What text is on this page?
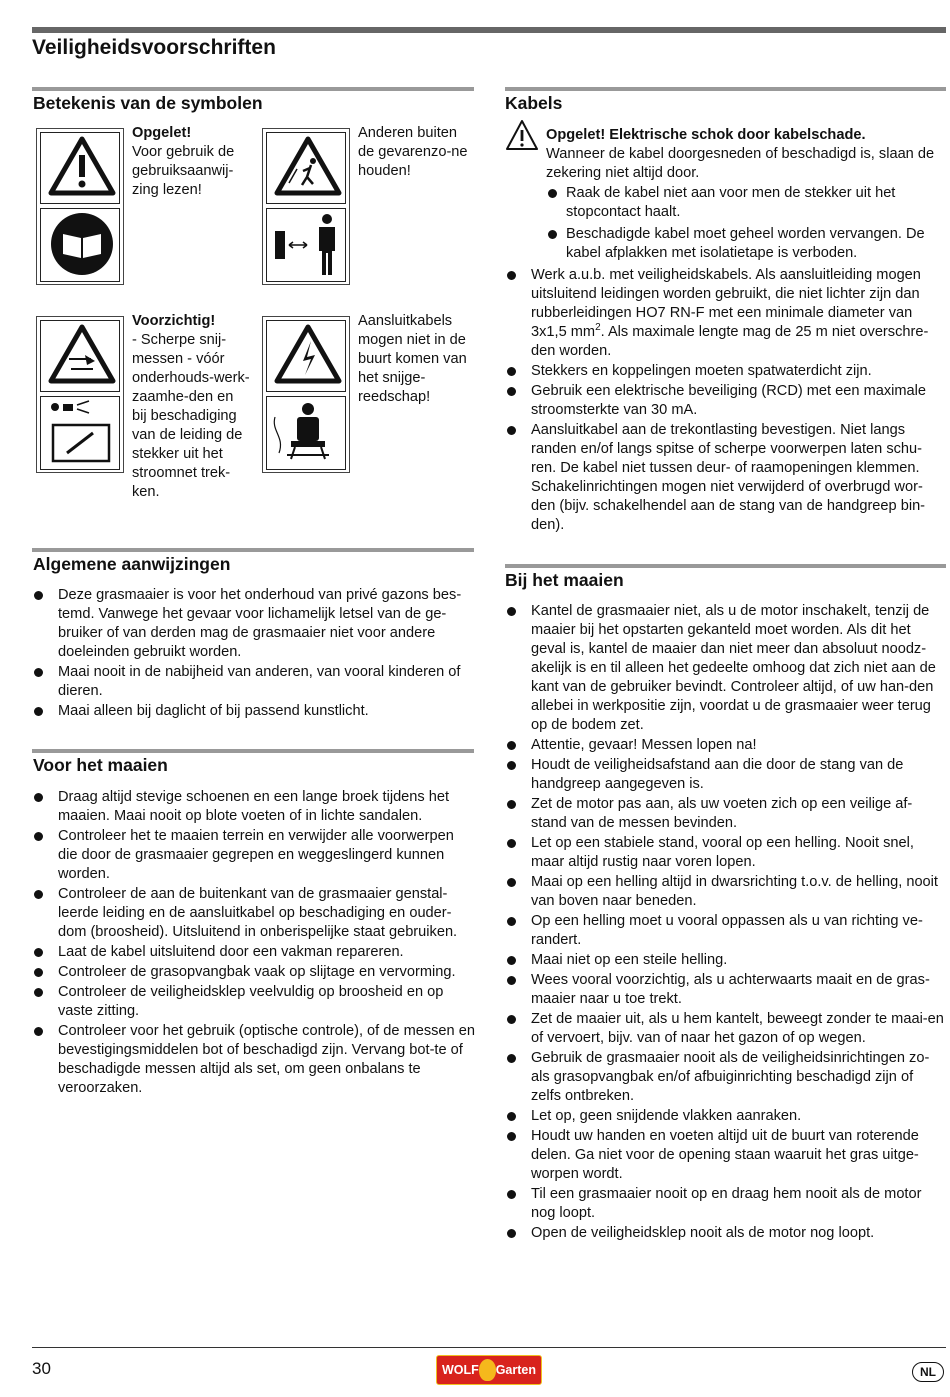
Veiligheidsvoorschriften
Betekenis van de symbolen
Opgelet!
Voor gebruik de gebruiksaanwij-zing lezen!
Anderen buiten de gevarenzo-ne houden!
Voorzichtig!
- Scherpe snij-messen - vóór onderhouds-werk-zaamhe-den en bij beschadiging van de leiding de stekker uit het stroomnet trek-ken.
Aansluitkabels mogen niet in de buurt komen van het snijge-reedschap!
Algemene aanwijzingen
Deze grasmaaier is voor het onderhoud van privé gazons bes-temd. Vanwege het gevaar voor lichamelijk letsel van de ge-bruiker of van derden mag de grasmaaier niet voor andere doeleinden gebruikt worden.
Maai nooit in de nabijheid van anderen, van vooral kinderen of dieren.
Maai alleen bij daglicht of bij passend kunstlicht.
Voor het maaien
Draag altijd stevige schoenen en een lange broek tijdens het maaien. Maai nooit op blote voeten of in lichte sandalen.
Controleer het te maaien terrein en verwijder alle voorwerpen die door de grasmaaier gegrepen en weggeslingerd kunnen worden.
Controleer de aan de buitenkant van de grasmaaier genstal-leerde leiding en de aansluitkabel op beschadiging en ouder-dom (broosheid). Uitsluitend in onberispelijke staat gebruiken.
Laat de kabel uitsluitend door een vakman repareren.
Controleer de grasopvangbak vaak op slijtage en vervorming.
Controleer de veiligheidsklep veelvuldig op broosheid en op vaste zitting.
Controleer voor het gebruik (optische controle), of de messen en bevestigingsmiddelen bot of beschadigd zijn. Vervang bot-te of beschadigde messen altijd als set, om geen onbalans te veroorzaken.
Kabels
Opgelet! Elektrische schok door kabelschade.
Wanneer de kabel doorgesneden of beschadigd is, slaan de zekering niet altijd door.
Raak de kabel niet aan voor men de stekker uit het stopcontact haalt.
Beschadigde kabel moet geheel worden vervangen. De kabel afplakken met isolatietape is verboden.
Werk a.u.b. met veiligheidskabels. Als aansluitleiding mogen uitsluitend leidingen worden gebruikt, die niet lichter zijn dan rubberleidingen HO7 RN-F met een minimale diameter van 3x1,5 $mm^2$. Als maximale lengte mag de 25 m niet overschre-den worden.
Stekkers en koppelingen moeten spatwaterdicht zijn.
Gebruik een elektrische beveiliging (RCD) met een maximale stroomsterkte van 30 mA.
Aansluitkabel aan de trekontlasting bevestigen. Niet langs randen en/of langs spitse of scherpe voorwerpen laten schu-ren. De kabel niet tussen deur- of raamopeningen klemmen. Schakelinrichtingen mogen niet verwijderd of overbrugd wor-den (bijv. schakelhendel aan de stang van de handgreep bin-den).
Bij het maaien
Kantel de grasmaaier niet, als u de motor inschakelt, tenzij de maaier bij het opstarten gekanteld moet worden. Als dit het geval is, kantel de maaier dan niet meer dan absoluut noodz-akelijk is en til alleen het gedeelte omhoog dat zich niet aan de kant van de gebruiker bevindt. Controleer altijd, of uw han-den allebei in werkpositie zijn, voordat u de grasmaaier weer terug op de bodem zet.
Attentie, gevaar! Messen lopen na!
Houdt de veiligheidsafstand aan die door de stang van de handgreep aangegeven is.
Zet de motor pas aan, als uw voeten zich op een veilige af-stand van de messen bevinden.
Let op een stabiele stand, vooral op een helling. Nooit snel, maar altijd rustig naar voren lopen.
Maai op een helling altijd in dwarsrichting t.o.v. de helling, nooit van boven naar beneden.
Op een helling moet u vooral oppassen als u van richting ve-randert.
Maai niet op een steile helling.
Wees vooral voorzichtig, als u achterwaarts maait en de gras-maaier naar u toe trekt.
Zet de maaier uit, als u hem kantelt, beweegt zonder te maai-en of vervoert, bijv. van of naar het gazon of op wegen.
Gebruik de grasmaaier nooit als de veiligheidsinrichtingen zo-als grasopvangbak en/of afbuiginrichting beschadigd zijn of zelfs ontbreken.
Let op, geen snijdende vlakken aanraken.
Houdt uw handen en voeten altijd uit de buurt van roterende delen. Ga niet voor de opening staan waaruit het gras uitge-worpen wordt.
Til een grasmaaier nooit op en draag hem nooit als de motor nog loopt.
Open de veiligheidsklep nooit als de motor nog loopt.
30	WOLF Garten	NL
